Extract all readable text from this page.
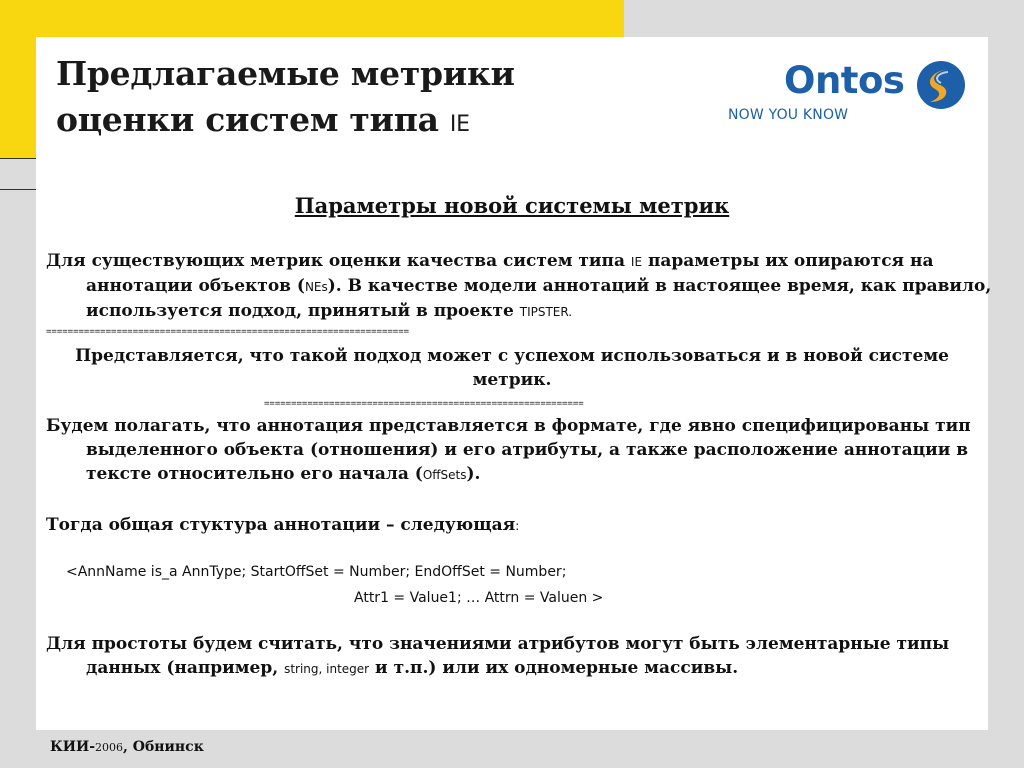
Предлагаемые метрики
оценки систем типа IE
Ontos
NOW YOU KNOW

Параметры новой системы метрик

Для существующих метрик оценки качества систем типа IE параметры их опираются на аннотации объектов (NEs). В качестве модели аннотаций в настоящее время, как правило, используется подход, принятый в проекте TIPSTER.

===================================================================

Представляется, что такой подход может с успехом использоваться и в новой системе метрик.

===========================================================

Будем полагать, что аннотация представляется в формате, где явно специфицированы тип выделенного объекта (отношения) и его атрибуты, а также расположение аннотации в тексте относительно его начала (OffSets).

Тогда общая стуктура аннотации – следующая:

<AnnName is_a AnnType; StartOffSet = Number; EndOffSet = Number;

Attr1 = Value1; … Attrn = Valuen >

Для простоты будем считать, что значениями атрибутов могут быть элементарные типы данных (например, string, integer и т.п.) или их одномерные массивы.

КИИ-2006, Обнинск
